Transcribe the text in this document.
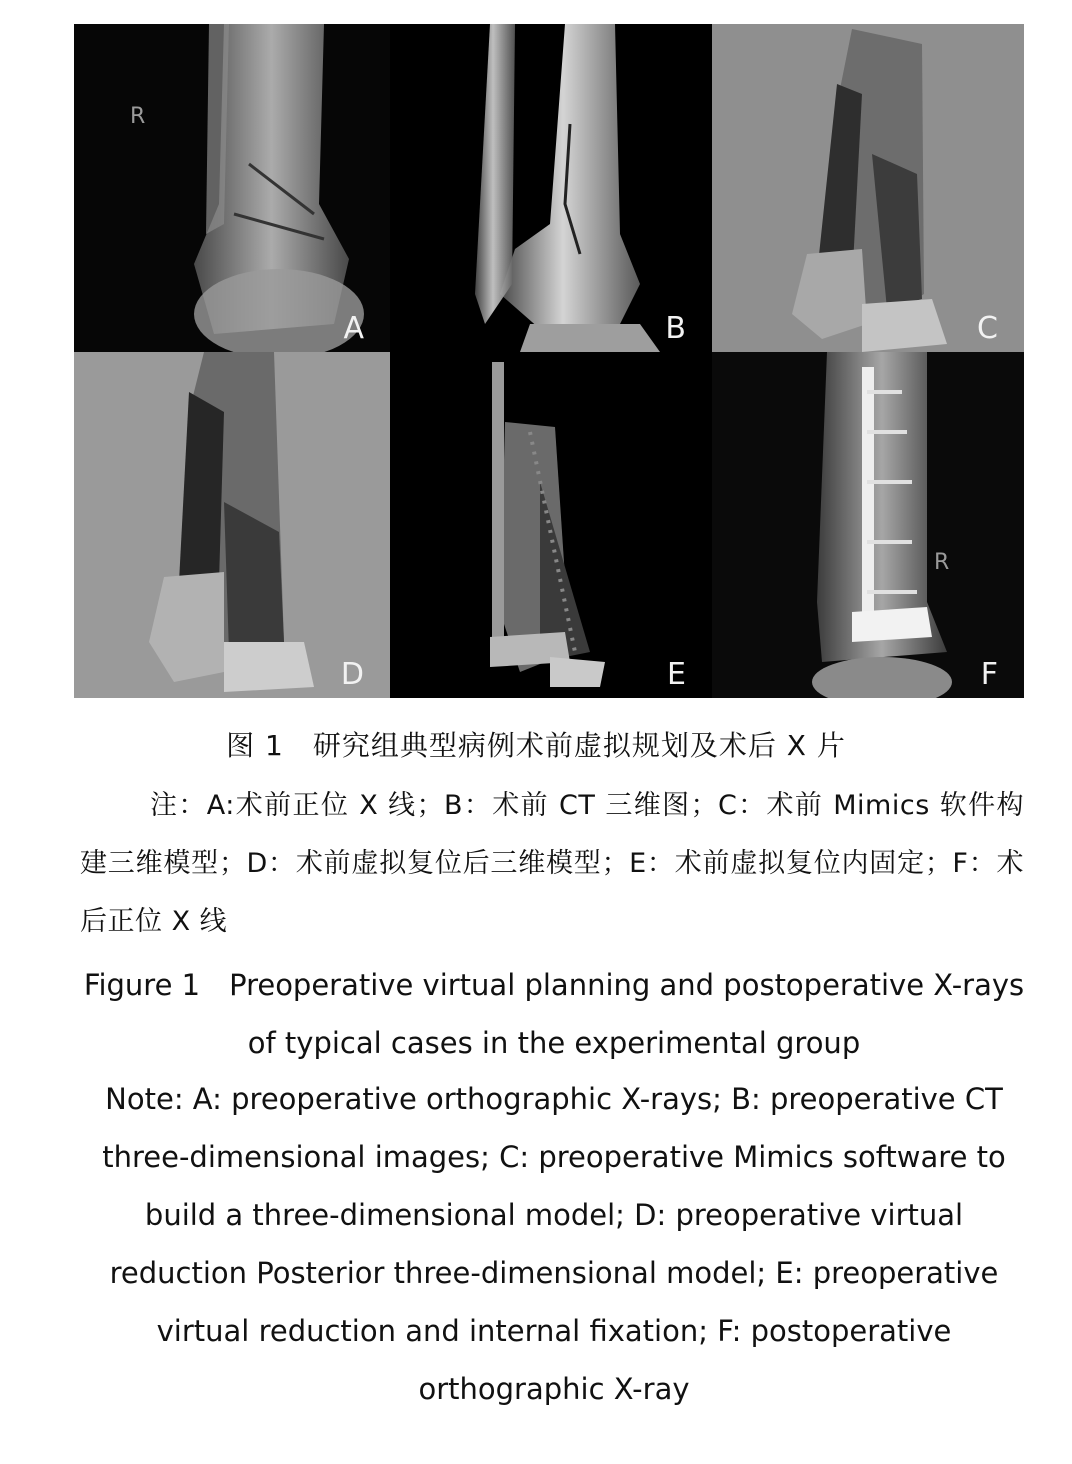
R
A	B	C
D	E
R
F
图 1　研究组典型病例术前虚拟规划及术后 X 片
注：A:术前正位 X 线；B：术前 CT 三维图；C：术前 Mimics 软件构建三维模型；D：术前虚拟复位后三维模型；E：术前虚拟复位内固定；F：术后正位 X 线
Figure 1　Preoperative virtual planning and postoperative X-rays of typical cases in the experimental group
Note: A: preoperative orthographic X-rays; B: preoperative CT three-dimensional images; C: preoperative Mimics software to build a three-dimensional model; D: preoperative virtual reduction Posterior three-dimensional model; E: preoperative virtual reduction and internal fixation; F: postoperative orthographic X-ray
